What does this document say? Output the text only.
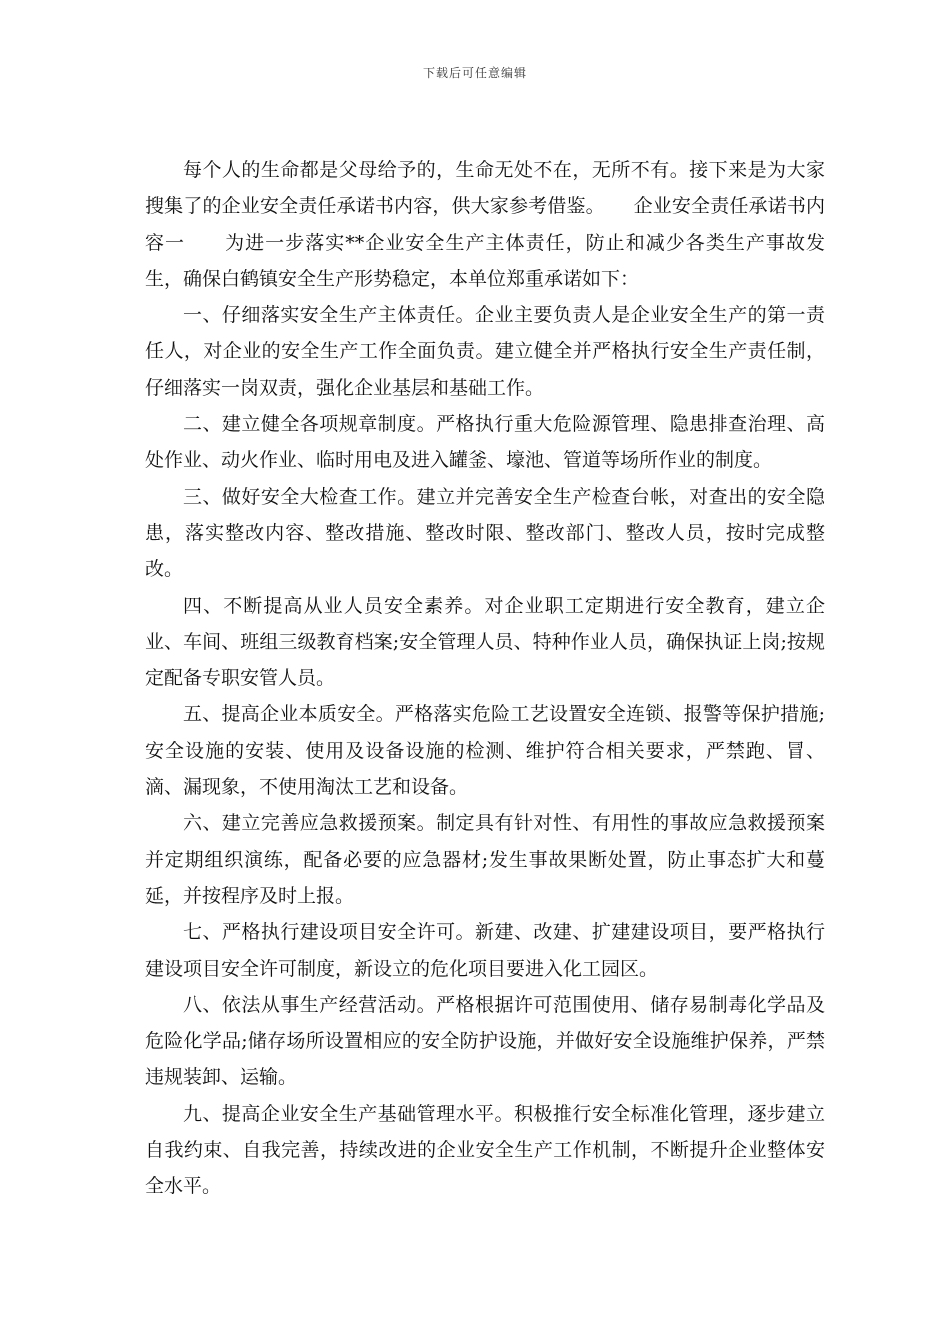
下载后可任意编辑

每个人的生命都是父母给予的，生命无处不在，无所不有。接下来是为大家搜集了的企业安全责任承诺书内容，供大家参考借鉴。　　企业安全责任承诺书内容一　　为进一步落实**企业安全生产主体责任，防止和减少各类生产事故发生，确保白鹤镇安全生产形势稳定，本单位郑重承诺如下：

一、仔细落实安全生产主体责任。企业主要负责人是企业安全生产的第一责任人，对企业的安全生产工作全面负责。建立健全并严格执行安全生产责任制，仔细落实一岗双责，强化企业基层和基础工作。

二、建立健全各项规章制度。严格执行重大危险源管理、隐患排查治理、高处作业、动火作业、临时用电及进入罐釜、壕池、管道等场所作业的制度。

三、做好安全大检查工作。建立并完善安全生产检查台帐，对查出的安全隐患，落实整改内容、整改措施、整改时限、整改部门、整改人员，按时完成整改。

四、不断提高从业人员安全素养。对企业职工定期进行安全教育，建立企业、车间、班组三级教育档案;安全管理人员、特种作业人员，确保执证上岗;按规定配备专职安管人员。

五、提高企业本质安全。严格落实危险工艺设置安全连锁、报警等保护措施;安全设施的安装、使用及设备设施的检测、维护符合相关要求，严禁跑、冒、滴、漏现象，不使用淘汰工艺和设备。

六、建立完善应急救援预案。制定具有针对性、有用性的事故应急救援预案并定期组织演练，配备必要的应急器材;发生事故果断处置，防止事态扩大和蔓延，并按程序及时上报。

七、严格执行建设项目安全许可。新建、改建、扩建建设项目，要严格执行建设项目安全许可制度，新设立的危化项目要进入化工园区。

八、依法从事生产经营活动。严格根据许可范围使用、储存易制毒化学品及危险化学品;储存场所设置相应的安全防护设施，并做好安全设施维护保养，严禁违规装卸、运输。

九、提高企业安全生产基础管理水平。积极推行安全标准化管理，逐步建立自我约束、自我完善，持续改进的企业安全生产工作机制，不断提升企业整体安全水平。
